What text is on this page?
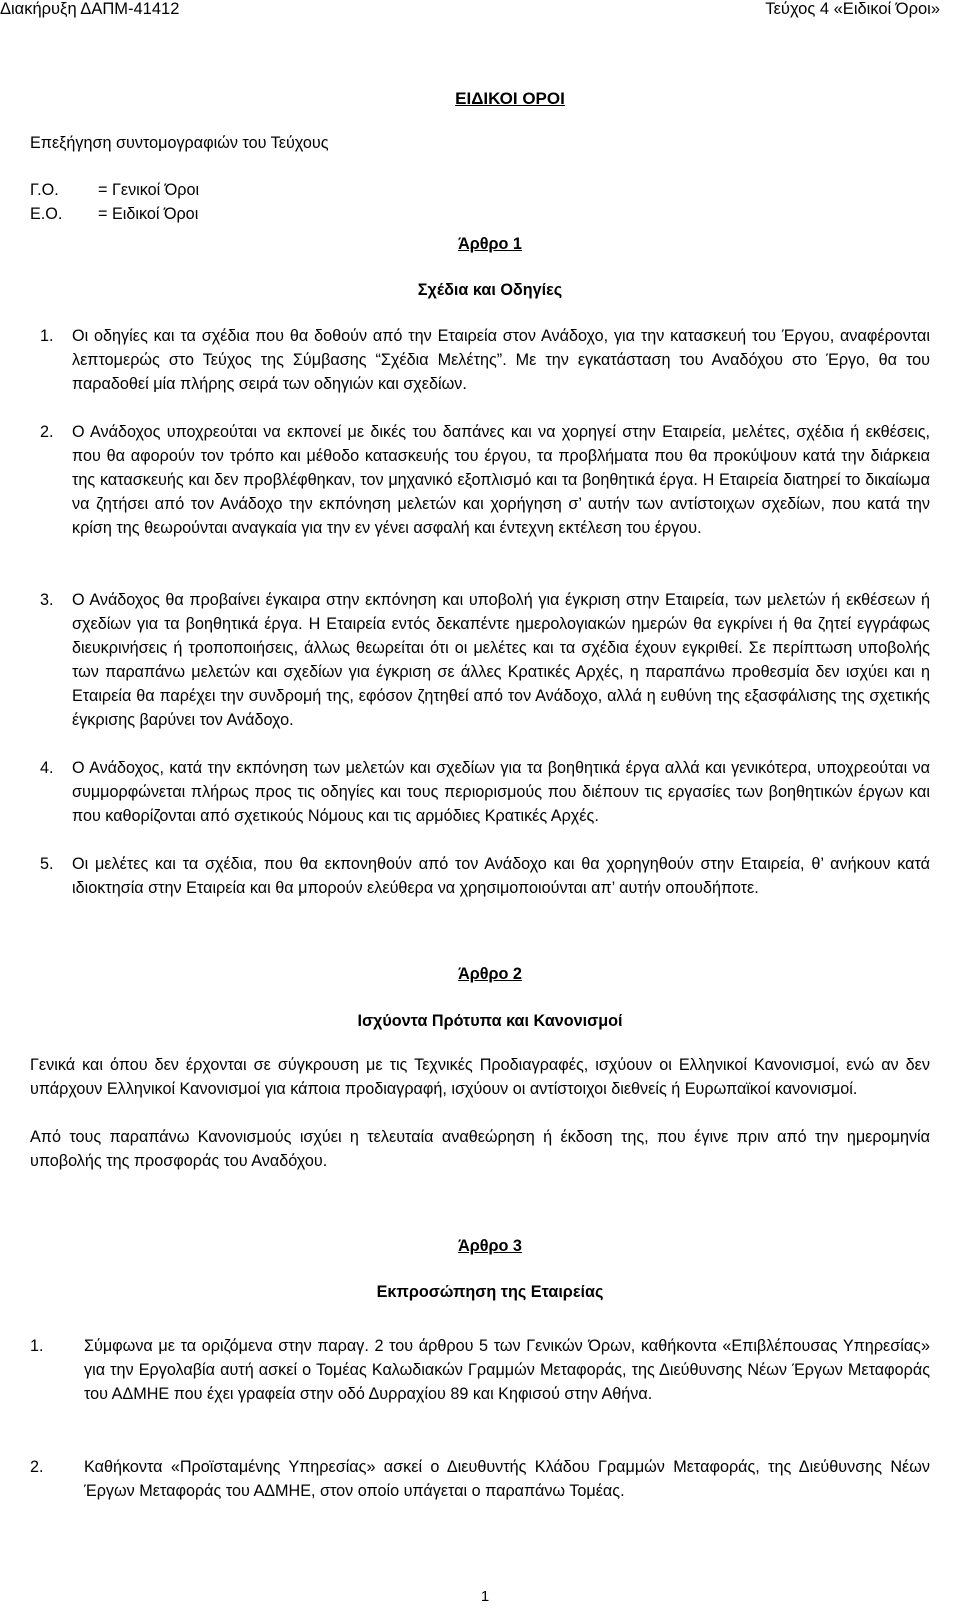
Διακήρυξη ΔΑΠΜ-41412	Τεύχος 4 «Ειδικοί Όροι»
ΕΙΔΙΚΟΙ ΟΡΟΙ
Επεξήγηση συντομογραφιών του Τεύχους
Γ.Ο.	= Γενικοί Όροι
Ε.Ο.	= Ειδικοί Όροι
Άρθρο 1
Σχέδια και Οδηγίες
1. Οι οδηγίες και τα σχέδια που θα δοθούν από την Εταιρεία στον Ανάδοχο, για την κατασκευή του Έργου, αναφέρονται λεπτομερώς στο Τεύχος της Σύμβασης “Σχέδια Μελέτης”. Με την εγκατάσταση του Αναδόχου στο Έργο, θα του παραδοθεί μία πλήρης σειρά των οδηγιών και σχεδίων.
2. Ο Ανάδοχος υποχρεούται να εκπονεί με δικές του δαπάνες και να χορηγεί στην Εταιρεία, μελέτες, σχέδια ή εκθέσεις, που θα αφορούν τον τρόπο και μέθοδο κατασκευής του έργου, τα προβλήματα που θα προκύψουν κατά την διάρκεια της κατασκευής και δεν προβλέφθηκαν, τον μηχανικό εξοπλισμό και τα βοηθητικά έργα. Η Εταιρεία διατηρεί το δικαίωμα να ζητήσει από τον Ανάδοχο την εκπόνηση μελετών και χορήγηση σ’ αυτήν των αντίστοιχων σχεδίων, που κατά την κρίση της θεωρούνται αναγκαία για την εν γένει ασφαλή και έντεχνη εκτέλεση του έργου.
3. Ο Ανάδοχος θα προβαίνει έγκαιρα στην εκπόνηση και υποβολή για έγκριση στην Εταιρεία, των μελετών ή εκθέσεων ή σχεδίων για τα βοηθητικά έργα. Η Εταιρεία εντός δεκαπέντε ημερολογιακών ημερών θα εγκρίνει ή θα ζητεί εγγράφως διευκρινήσεις ή τροποποιήσεις, άλλως θεωρείται ότι οι μελέτες και τα σχέδια έχουν εγκριθεί. Σε περίπτωση υποβολής των παραπάνω μελετών και σχεδίων για έγκριση σε άλλες Κρατικές Αρχές, η παραπάνω προθεσμία δεν ισχύει και η Εταιρεία θα παρέχει την συνδρομή της, εφόσον ζητηθεί από τον Ανάδοχο, αλλά η ευθύνη της εξασφάλισης της σχετικής έγκρισης βαρύνει τον Ανάδοχο.
4. Ο Ανάδοχος, κατά την εκπόνηση των μελετών και σχεδίων για τα βοηθητικά έργα αλλά και γενικότερα, υποχρεούται να συμμορφώνεται πλήρως προς τις οδηγίες και τους περιορισμούς που διέπουν τις εργασίες των βοηθητικών έργων και που καθορίζονται από σχετικούς Νόμους και τις αρμόδιες Κρατικές Αρχές.
5. Οι μελέτες και τα σχέδια, που θα εκπονηθούν από τον Ανάδοχο και θα χορηγηθούν στην Εταιρεία, θ’ ανήκουν κατά ιδιοκτησία στην Εταιρεία και θα μπορούν ελεύθερα να χρησιμοποιούνται απ’ αυτήν οπουδήποτε.
Άρθρο 2
Ισχύοντα Πρότυπα και Κανονισμοί
Γενικά και όπου δεν έρχονται σε σύγκρουση με τις Τεχνικές Προδιαγραφές, ισχύουν οι Ελληνικοί Κανονισμοί, ενώ αν δεν υπάρχουν Ελληνικοί Κανονισμοί για κάποια προδιαγραφή, ισχύουν οι αντίστοιχοι διεθνείς ή Ευρωπαϊκοί κανονισμοί.
Από τους παραπάνω Κανονισμούς ισχύει η τελευταία αναθεώρηση ή έκδοση της, που έγινε πριν από την ημερομηνία υποβολής της προσφοράς του Αναδόχου.
Άρθρο 3
Εκπροσώπηση της Εταιρείας
1. Σύμφωνα με τα οριζόμενα στην παραγ. 2 του άρθρου 5 των Γενικών Όρων, καθήκοντα «Επιβλέπουσας Υπηρεσίας» για την Εργολαβία αυτή ασκεί ο Τομέας Καλωδιακών Γραμμών Μεταφοράς, της Διεύθυνσης Νέων Έργων Μεταφοράς του ΑΔΜΗΕ που έχει γραφεία στην οδό Δυρραχίου 89 και Κηφισού στην Αθήνα.
2. Καθήκοντα «Προϊσταμένης Υπηρεσίας» ασκεί ο Διευθυντής Κλάδου Γραμμών Μεταφοράς, της Διεύθυνσης Νέων Έργων Μεταφοράς του ΑΔΜΗΕ, στον οποίο υπάγεται ο παραπάνω Τομέας.
1
